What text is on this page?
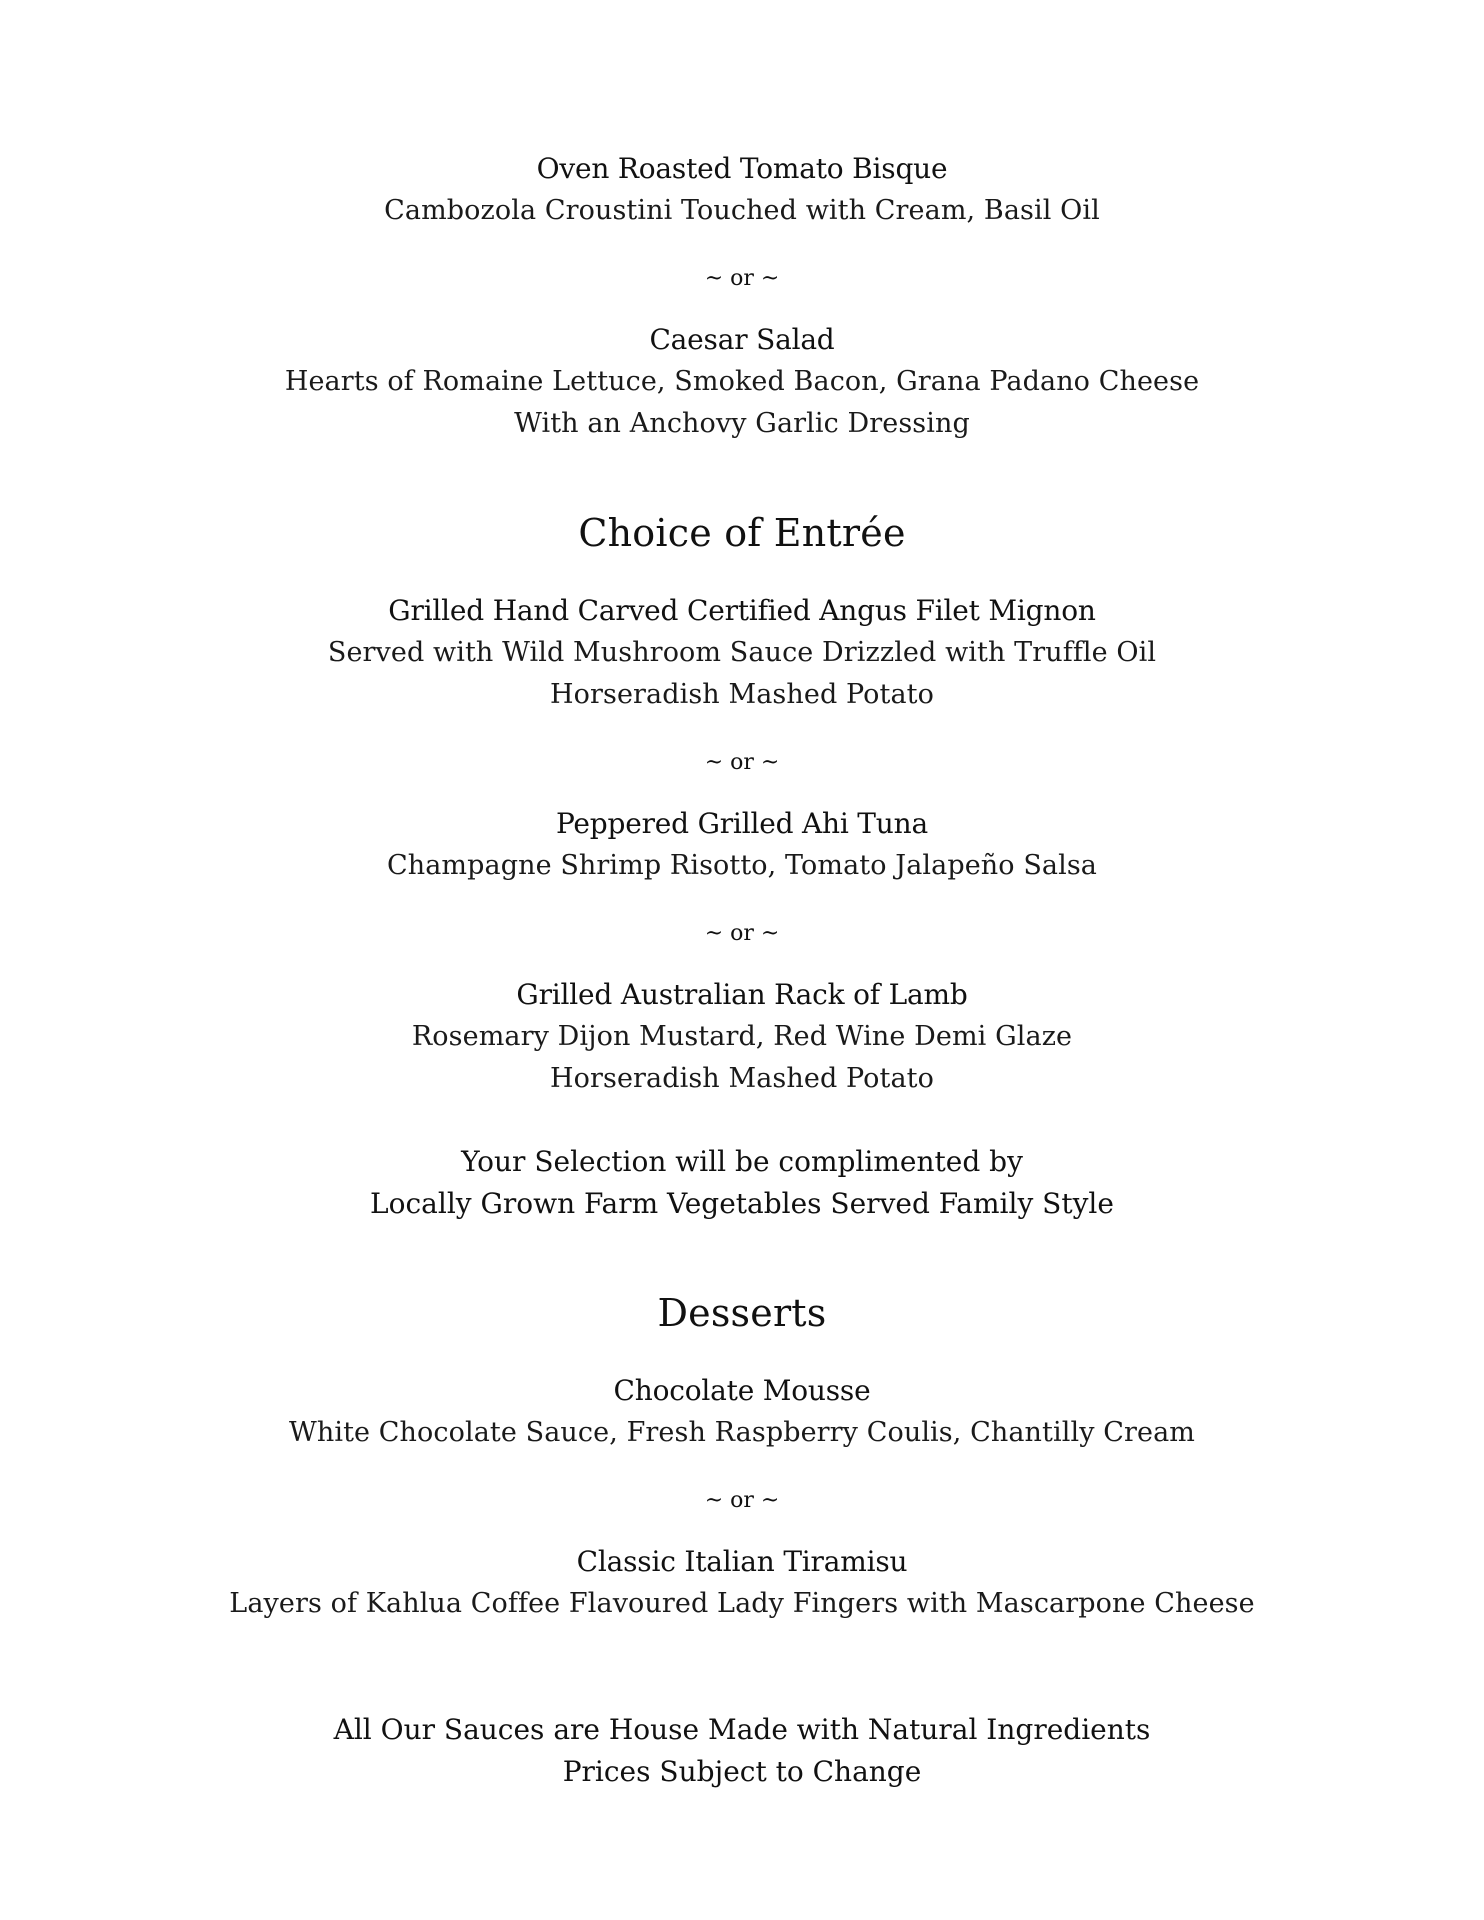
Oven Roasted Tomato Bisque
Cambozola Croustini Touched with Cream, Basil Oil
~ or ~
Caesar Salad
Hearts of Romaine Lettuce, Smoked Bacon, Grana Padano Cheese
With an Anchovy Garlic Dressing
Choice of Entrée
Grilled Hand Carved Certified Angus Filet Mignon
Served with Wild Mushroom Sauce Drizzled with Truffle Oil
Horseradish Mashed Potato
~ or ~
Peppered Grilled Ahi Tuna
Champagne Shrimp Risotto, Tomato Jalapeño Salsa
~ or ~
Grilled Australian Rack of Lamb
Rosemary Dijon Mustard, Red Wine Demi Glaze
Horseradish Mashed Potato
Your Selection will be complimented by
Locally Grown Farm Vegetables Served Family Style
Desserts
Chocolate Mousse
White Chocolate Sauce, Fresh Raspberry Coulis, Chantilly Cream
~ or ~
Classic Italian Tiramisu
Layers of Kahlua Coffee Flavoured Lady Fingers with Mascarpone Cheese
All Our Sauces are House Made with Natural Ingredients
Prices Subject to Change
